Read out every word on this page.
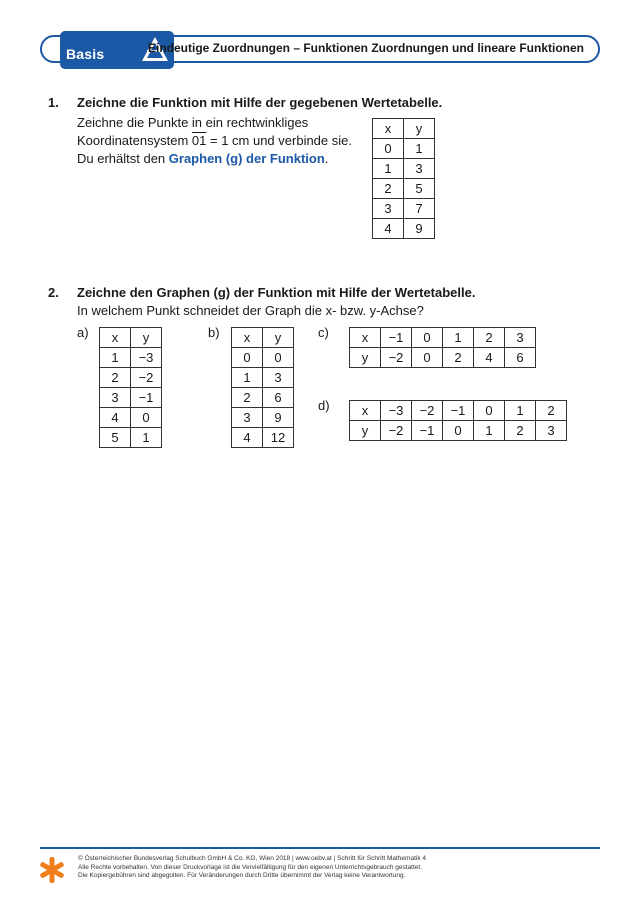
Basis	Eindeutige Zuordnungen – Funktionen Zuordnungen und lineare Funktionen
1. Zeichne die Funktion mit Hilfe der gegebenen Wertetabelle.
Zeichne die Punkte in ein rechtwinkliges
Koordinatensystem 01 = 1 cm und verbinde sie.
Du erhältst den Graphen (g) der Funktion.
x	y
0	1
1	3
2	5
3	7
4	9
2. Zeichne den Graphen (g) der Funktion mit Hilfe der Wertetabelle.
In welchem Punkt schneidet der Graph die x- bzw. y-Achse?
a) x	y
1	−3
2	−2
3	−1
4	0
5	1
b) x	y
0	0
1	3
2	6
3	9
4	12
c)	x	−1	0	1	2	3
y	−2	0	2	4	6
d) x	−3	−2	−1	0	1	2
y	−2	−1	0	1	2	3
© Österreichischer Bundesverlag Schulbuch GmbH & Co. KG, Wien 2018 | www.oebv.at | Schritt für Schritt Mathematik 4
Alle Rechte vorbehalten. Von dieser Druckvorlage ist die Vervielfältigung für den eigenen Unterrichtsgebrauch gestattet.
Die Kopiergebühren sind abgegolten. Für Veränderungen durch Dritte übernimmt der Verlag keine Verantwortung.
